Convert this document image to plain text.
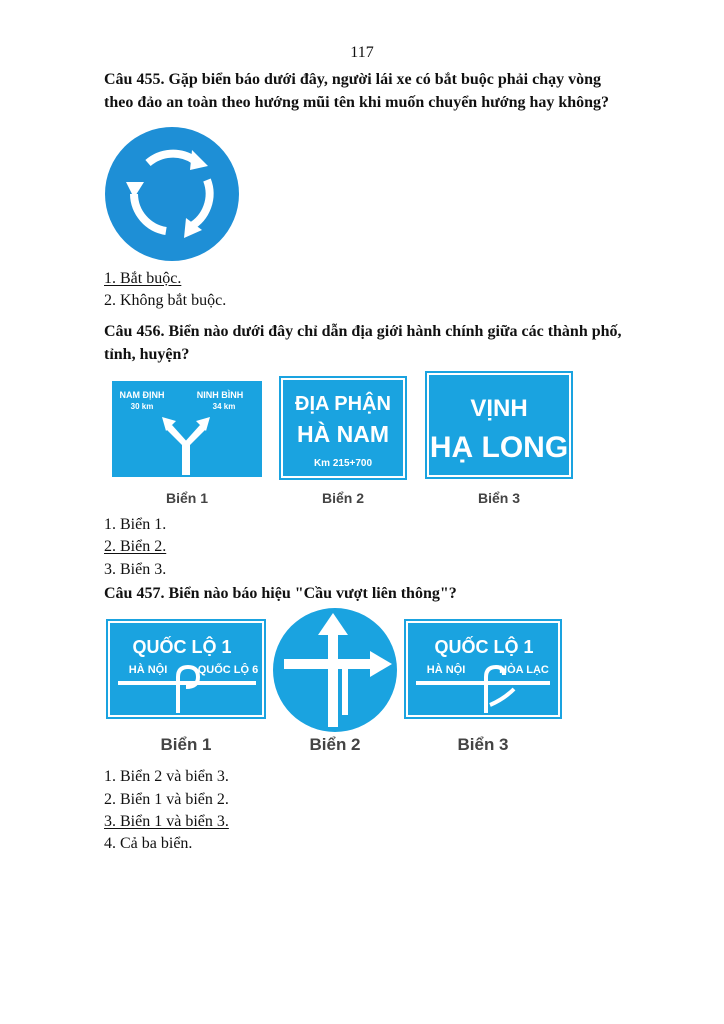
117
Câu 455. Gặp biển báo dưới đây, người lái xe có bắt buộc phải chạy vòng
theo đảo an toàn theo hướng mũi tên khi muốn chuyển hướng hay không?
1. Bắt buộc.
2. Không bắt buộc.
Câu 456. Biển nào dưới đây chỉ dẫn địa giới hành chính giữa các thành phố,
tỉnh, huyện?
NAM ĐỊNH
30 km
NINH BÌNH
34 km
Biển 1
ĐỊA PHẬN
HÀ NAM
Km 215+700
Biển 2
VỊNH
HẠ LONG
Biển 3
1. Biển 1.
2. Biển 2.
3. Biển 3.
Câu 457. Biển nào báo hiệu "Cầu vượt liên thông"?
QUỐC LỘ 1
HÀ NỘI	QUỐC LỘ 6
Biển 1	Biển 2
QUỐC LỘ 1
HÀ NỘI	HÒA LẠC
Biển 3
1. Biển 2 và biển 3.
2. Biển 1 và biển 2.
3. Biển 1 và biển 3.
4. Cả ba biển.
